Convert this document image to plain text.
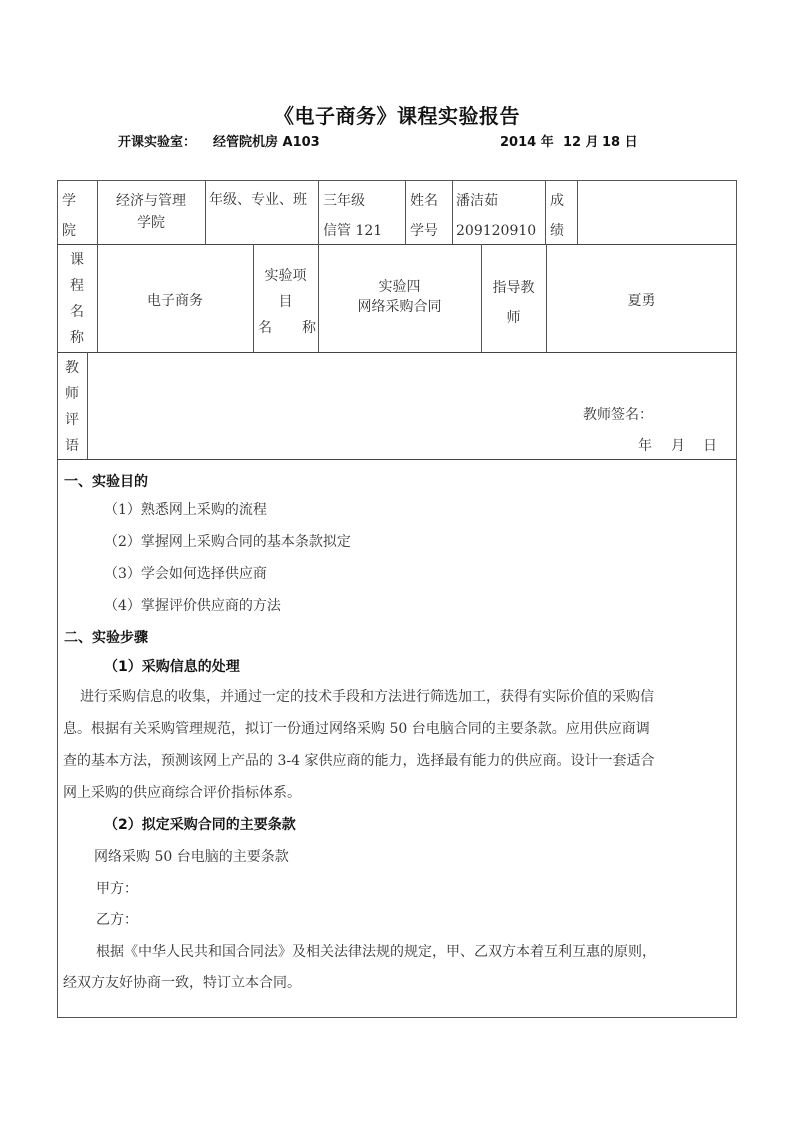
《电子商务》课程实验报告
开课实验室： 经管院机房 A103	2014 年 12 月 18 日
学
院
经济与管理
学院
年级、专业、班 三年级
信管 121
姓名
学号
潘洁茹
209120910
成
绩
课
程
名
称
电子商务
实验项
目
名 称
实验四
网络采购合同
指导教
师
夏勇
教
师
评
语
教师签名：
年 月 日
一、实验目的
（1）熟悉网上采购的流程
（2）掌握网上采购合同的基本条款拟定
（3）学会如何选择供应商
（4）掌握评价供应商的方法
二、实验步骤
（1）采购信息的处理
进行采购信息的收集，并通过一定的技术手段和方法进行筛选加工，获得有实际价值的采购信
息。根据有关采购管理规范，拟订一份通过网络采购 50 台电脑合同的主要条款。应用供应商调
查的基本方法，预测该网上产品的 3-4 家供应商的能力，选择最有能力的供应商。设计一套适合
网上采购的供应商综合评价指标体系。
（2）拟定采购合同的主要条款
网络采购 50 台电脑的主要条款
甲方：
乙方：
根据《中华人民共和国合同法》及相关法律法规的规定，甲、乙双方本着互利互惠的原则，
经双方友好协商一致，特订立本合同。
